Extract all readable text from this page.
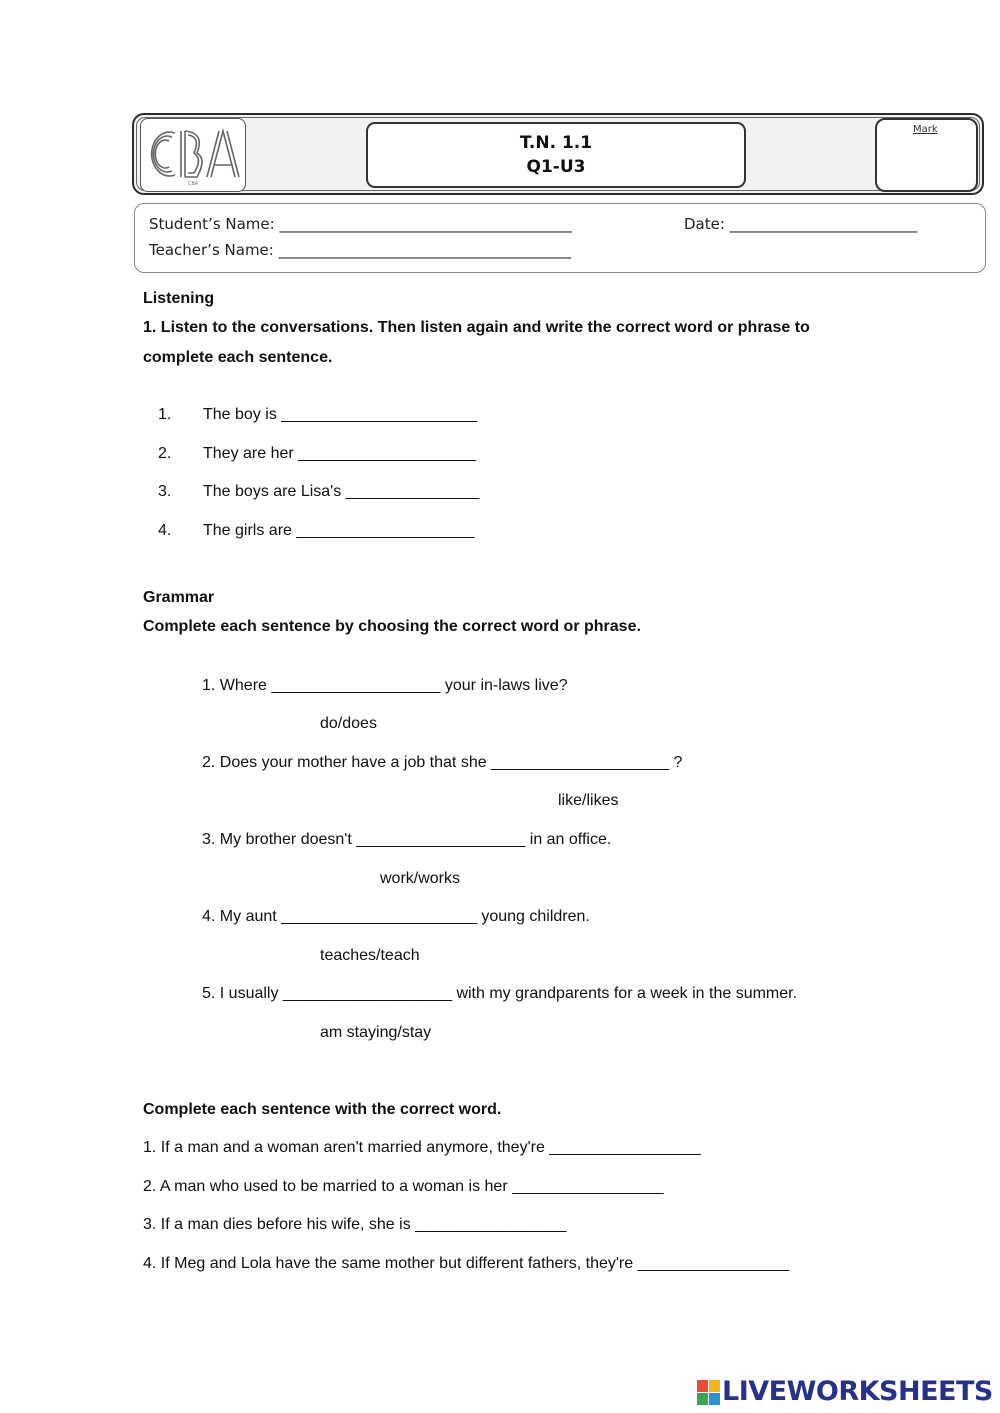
CBA
T.N. 1.1
Q1-U3
Mark
Student’s Name: _______________________________________	Date: _________________________
Teacher’s Name: _______________________________________
Listening
1. Listen to the conversations. Then listen again and write the correct word or phrase to
complete each sentence.
1. The boy is ______________________
2. They are her ____________________
3. The boys are Lisa's _______________
4. The girls are ____________________
Grammar
Complete each sentence by choosing the correct word or phrase.
1. Where ___________________ your in-laws live?
do/does
2. Does your mother have a job that she ____________________ ?
like/likes
3. My brother doesn't ___________________ in an office.
work/works
4. My aunt ______________________ young children.
teaches/teach
5. I usually ___________________ with my grandparents for a week in the summer.
am staying/stay
Complete each sentence with the correct word.
1. If a man and a woman aren't married anymore, they're _________________
2. A man who used to be married to a woman is her _________________
3. If a man dies before his wife, she is _________________
4. If Meg and Lola have the same mother but different fathers, they're _________________
LIVEWORKSHEETS
